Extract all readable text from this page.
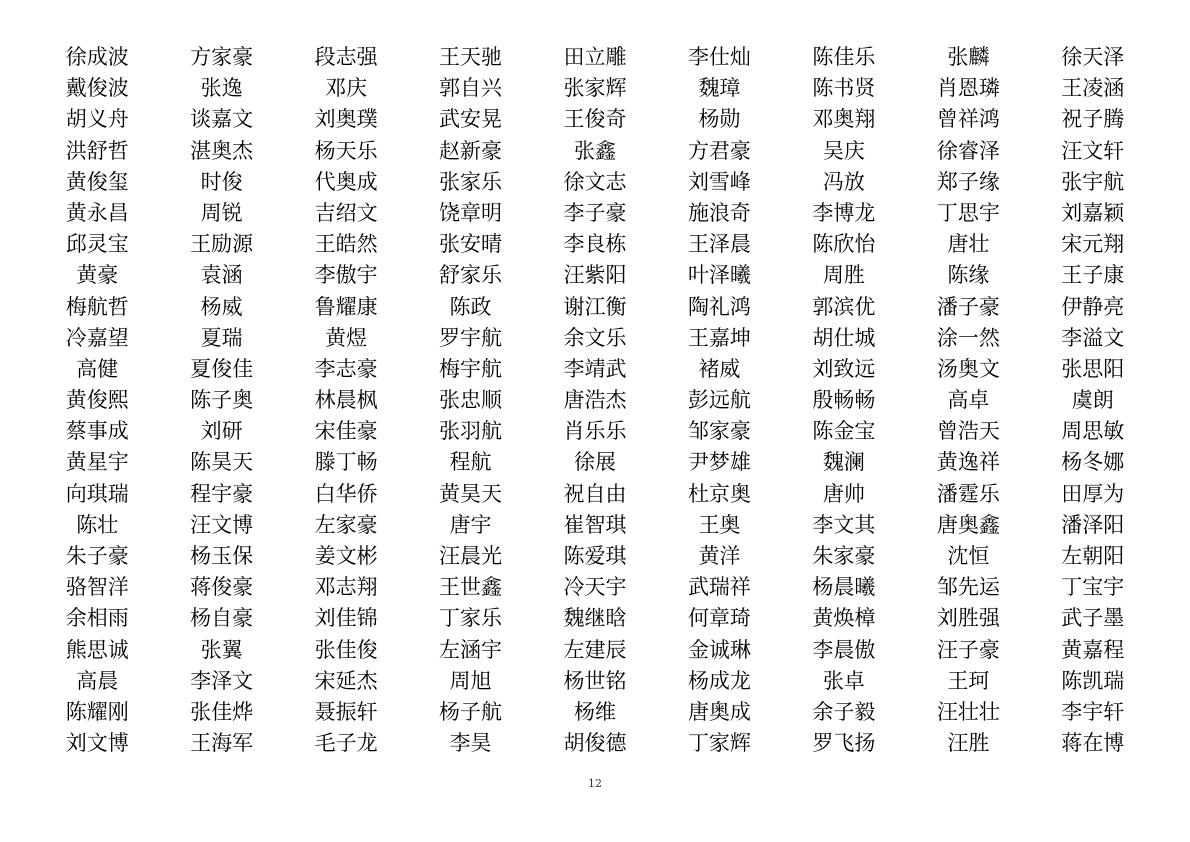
徐成波	方家豪	段志强	王天驰	田立雕	李仕灿	陈佳乐	张麟	徐天泽
戴俊波	张逸	邓庆	郭自兴	张家辉	魏璋	陈书贤	肖恩璘	王凌涵
胡义舟	谈嘉文	刘奥璞	武安晃	王俊奇	杨勋	邓奥翔	曾祥鸿	祝子腾
洪舒哲	湛奥杰	杨天乐	赵新豪	张鑫	方君豪	吴庆	徐睿泽	汪文轩
黄俊玺	时俊	代奥成	张家乐	徐文志	刘雪峰	冯放	郑子缘	张宇航
黄永昌	周锐	吉绍文	饶章明	李子豪	施浪奇	李博龙	丁思宇	刘嘉颖
邱灵宝	王励源	王皓然	张安晴	李良栋	王泽晨	陈欣怡	唐壮	宋元翔
黄豪	袁涵	李傲宇	舒家乐	汪紫阳	叶泽曦	周胜	陈缘	王子康
梅航哲	杨威	鲁耀康	陈政	谢江衡	陶礼鸿	郭滨优	潘子豪	伊静亮
冷嘉望	夏瑞	黄煜	罗宇航	余文乐	王嘉坤	胡仕城	涂一然	李溢文
高健	夏俊佳	李志豪	梅宇航	李靖武	褚威	刘致远	汤奥文	张思阳
黄俊熙	陈子奥	林晨枫	张忠顺	唐浩杰	彭远航	殷畅畅	高卓	虞朗
蔡事成	刘研	宋佳豪	张羽航	肖乐乐	邹家豪	陈金宝	曾浩天	周思敏
黄星宇	陈昊天	滕丁畅	程航	徐展	尹梦雄	魏澜	黄逸祥	杨冬娜
向琪瑞	程宇豪	白华侨	黄昊天	祝自由	杜京奥	唐帅	潘霆乐	田厚为
陈壮	汪文博	左家豪	唐宇	崔智琪	王奥	李文其	唐奥鑫	潘泽阳
朱子豪	杨玉保	姜文彬	汪晨光	陈爱琪	黄洋	朱家豪	沈恒	左朝阳
骆智洋	蒋俊豪	邓志翔	王世鑫	冷天宇	武瑞祥	杨晨曦	邹先运	丁宝宇
余相雨	杨自豪	刘佳锦	丁家乐	魏继晗	何章琦	黄焕樟	刘胜强	武子墨
熊思诚	张翼	张佳俊	左涵宇	左建辰	金诚琳	李晨傲	汪子豪	黄嘉程
高晨	李泽文	宋延杰	周旭	杨世铭	杨成龙	张卓	王珂	陈凯瑞
陈耀刚	张佳烨	聂振轩	杨子航	杨维	唐奥成	余子毅	汪壮壮	李宇轩
刘文博	王海军	毛子龙	李昊	胡俊德	丁家辉	罗飞扬	汪胜	蒋在博
12
